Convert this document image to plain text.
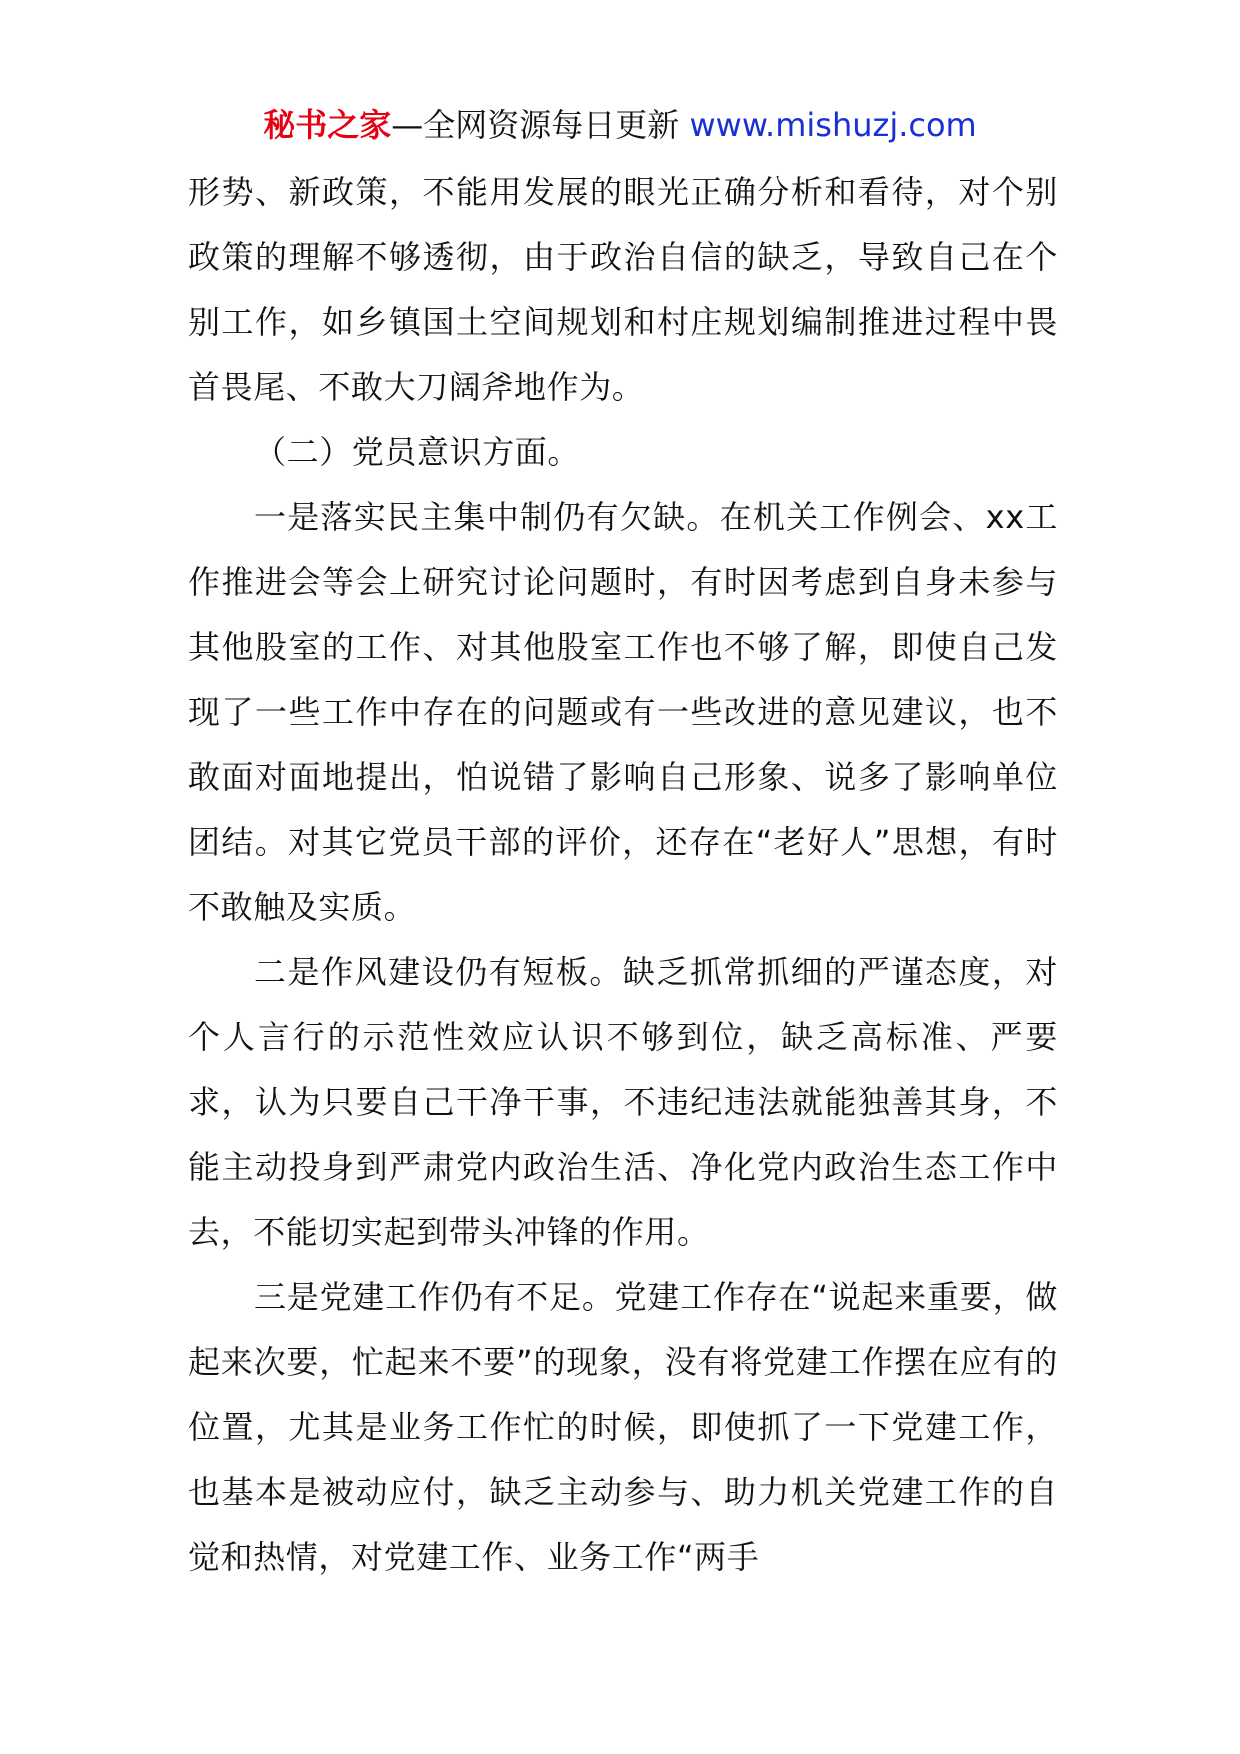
秘书之家—全网资源每日更新 www.mishuzj.com

形势、新政策，不能用发展的眼光正确分析和看待，对个别政策的理解不够透彻，由于政治自信的缺乏，导致自己在个别工作，如乡镇国土空间规划和村庄规划编制推进过程中畏首畏尾、不敢大刀阔斧地作为。

（二）党员意识方面。

一是落实民主集中制仍有欠缺。在机关工作例会、xx工作推进会等会上研究讨论问题时，有时因考虑到自身未参与其他股室的工作、对其他股室工作也不够了解，即使自己发现了一些工作中存在的问题或有一些改进的意见建议，也不敢面对面地提出，怕说错了影响自己形象、说多了影响单位团结。对其它党员干部的评价，还存在“老好人”思想，有时不敢触及实质。

二是作风建设仍有短板。缺乏抓常抓细的严谨态度，对个人言行的示范性效应认识不够到位，缺乏高标准、严要求，认为只要自己干净干事，不违纪违法就能独善其身，不能主动投身到严肃党内政治生活、净化党内政治生态工作中去，不能切实起到带头冲锋的作用。

三是党建工作仍有不足。党建工作存在“说起来重要，做起来次要，忙起来不要”的现象，没有将党建工作摆在应有的位置，尤其是业务工作忙的时候，即使抓了一下党建工作，也基本是被动应付，缺乏主动参与、助力机关党建工作的自觉和热情，对党建工作、业务工作“两手
